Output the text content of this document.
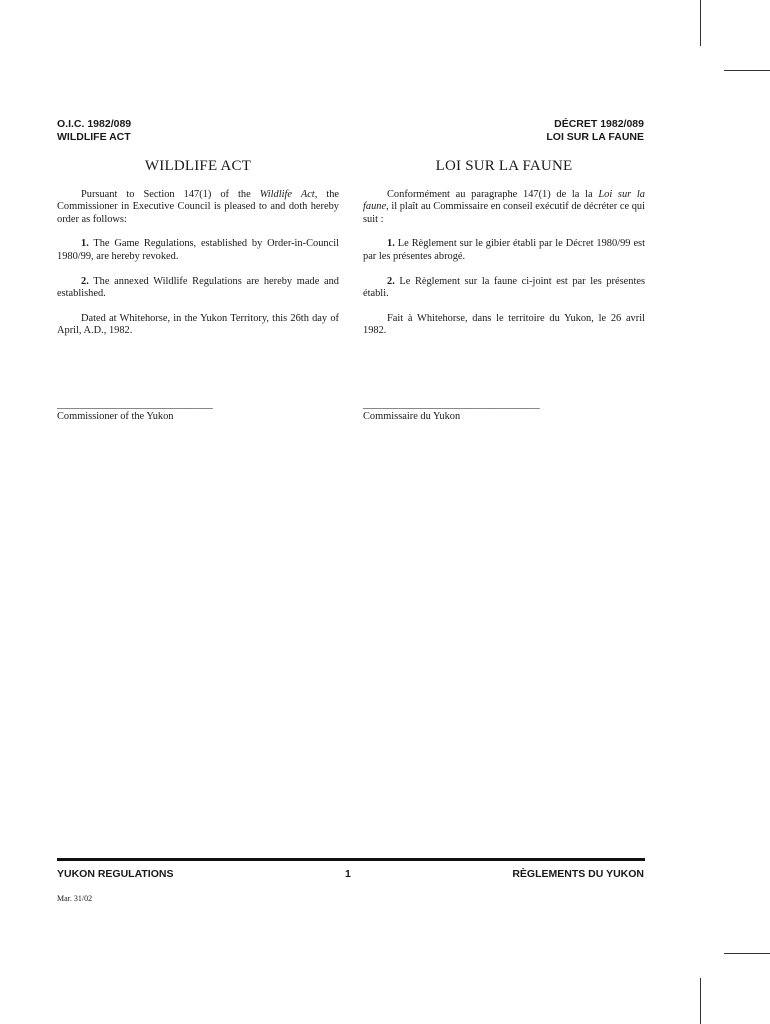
O.I.C. 1982/089
WILDLIFE ACT
DÉCRET 1982/089
LOI SUR LA FAUNE
WILDLIFE ACT

Pursuant to Section 147(1) of the Wildlife Act, the Commissioner in Executive Council is pleased to and doth hereby order as follows:

1. The Game Regulations, established by Order-in-Council 1980/99, are hereby revoked.

2. The annexed Wildlife Regulations are hereby made and established.

Dated at Whitehorse, in the Yukon Territory, this 26th day of April, A.D., 1982.

______________________________
Commissioner of the Yukon
LOI SUR LA FAUNE

Conformément au paragraphe 147(1) de la la Loi sur la faune, il plaît au Commissaire en conseil exécutif de décréter ce qui suit :

1. Le Règlement sur le gibier établi par le Décret 1980/99 est par les présentes abrogé.

2. Le Règlement sur la faune ci-joint est par les présentes établi.

Fait à Whitehorse, dans le territoire du Yukon, le 26 avril 1982.

__________________________________
Commissaire du Yukon
YUKON REGULATIONS	1	RÈGLEMENTS DU YUKON
Mar. 31/02
